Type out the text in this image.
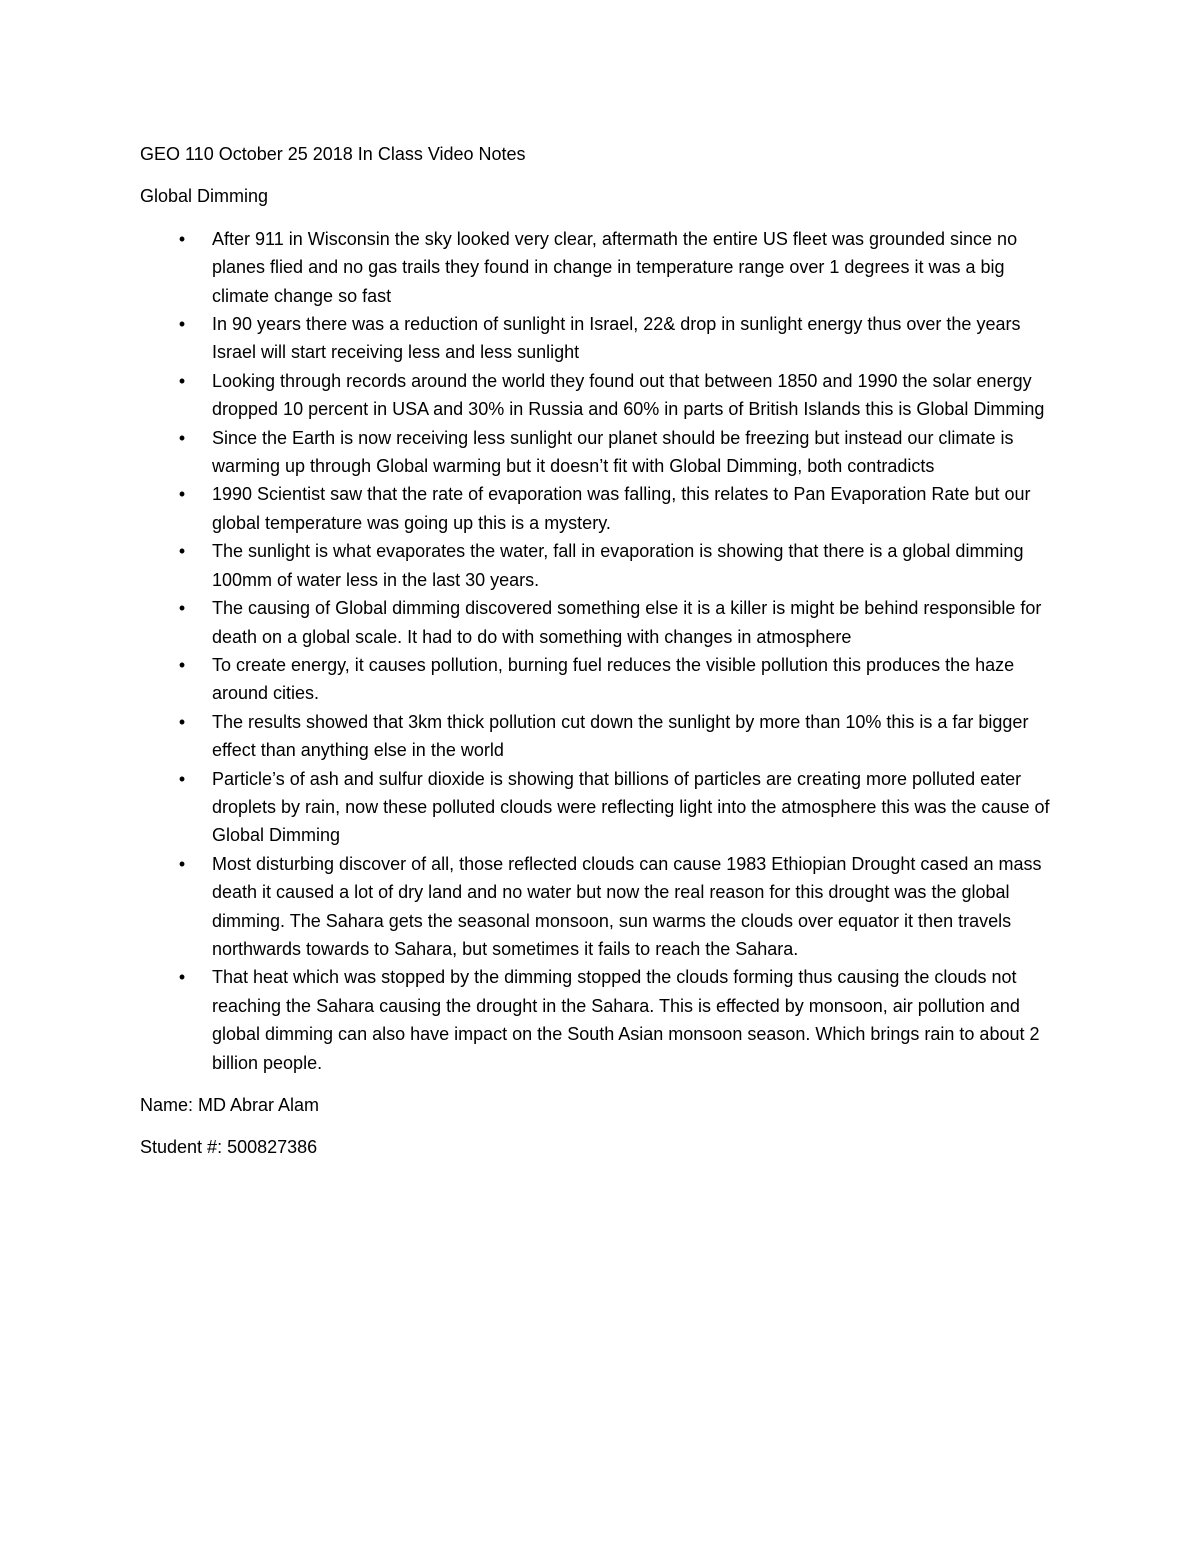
GEO 110 October 25 2018 In Class Video Notes

Global Dimming

• After 911 in Wisconsin the sky looked very clear, aftermath the entire US fleet was grounded since no planes flied and no gas trails they found in change in temperature range over 1 degrees it was a big climate change so fast
• In 90 years there was a reduction of sunlight in Israel, 22& drop in sunlight energy thus over the years Israel will start receiving less and less sunlight
• Looking through records around the world they found out that between 1850 and 1990 the solar energy dropped 10 percent in USA and 30% in Russia and 60% in parts of British Islands this is Global Dimming
• Since the Earth is now receiving less sunlight our planet should be freezing but instead our climate is warming up through Global warming but it doesn’t fit with Global Dimming, both contradicts
• 1990 Scientist saw that the rate of evaporation was falling, this relates to Pan Evaporation Rate but our global temperature was going up this is a mystery.
• The sunlight is what evaporates the water, fall in evaporation is showing that there is a global dimming 100mm of water less in the last 30 years.
• The causing of Global dimming discovered something else it is a killer is might be behind responsible for death on a global scale. It had to do with something with changes in atmosphere
• To create energy, it causes pollution, burning fuel reduces the visible pollution this produces the haze around cities.
• The results showed that 3km thick pollution cut down the sunlight by more than 10% this is a far bigger effect than anything else in the world
• Particle’s of ash and sulfur dioxide is showing that billions of particles are creating more polluted eater droplets by rain, now these polluted clouds were reflecting light into the atmosphere this was the cause of Global Dimming
• Most disturbing discover of all, those reflected clouds can cause 1983 Ethiopian Drought cased an mass death it caused a lot of dry land and no water but now the real reason for this drought was the global dimming. The Sahara gets the seasonal monsoon, sun warms the clouds over equator it then travels northwards towards to Sahara, but sometimes it fails to reach the Sahara.
• That heat which was stopped by the dimming stopped the clouds forming thus causing the clouds not reaching the Sahara causing the drought in the Sahara. This is effected by monsoon, air pollution and global dimming can also have impact on the South Asian monsoon season. Which brings rain to about 2 billion people.

Name: MD Abrar Alam

Student #: 500827386
